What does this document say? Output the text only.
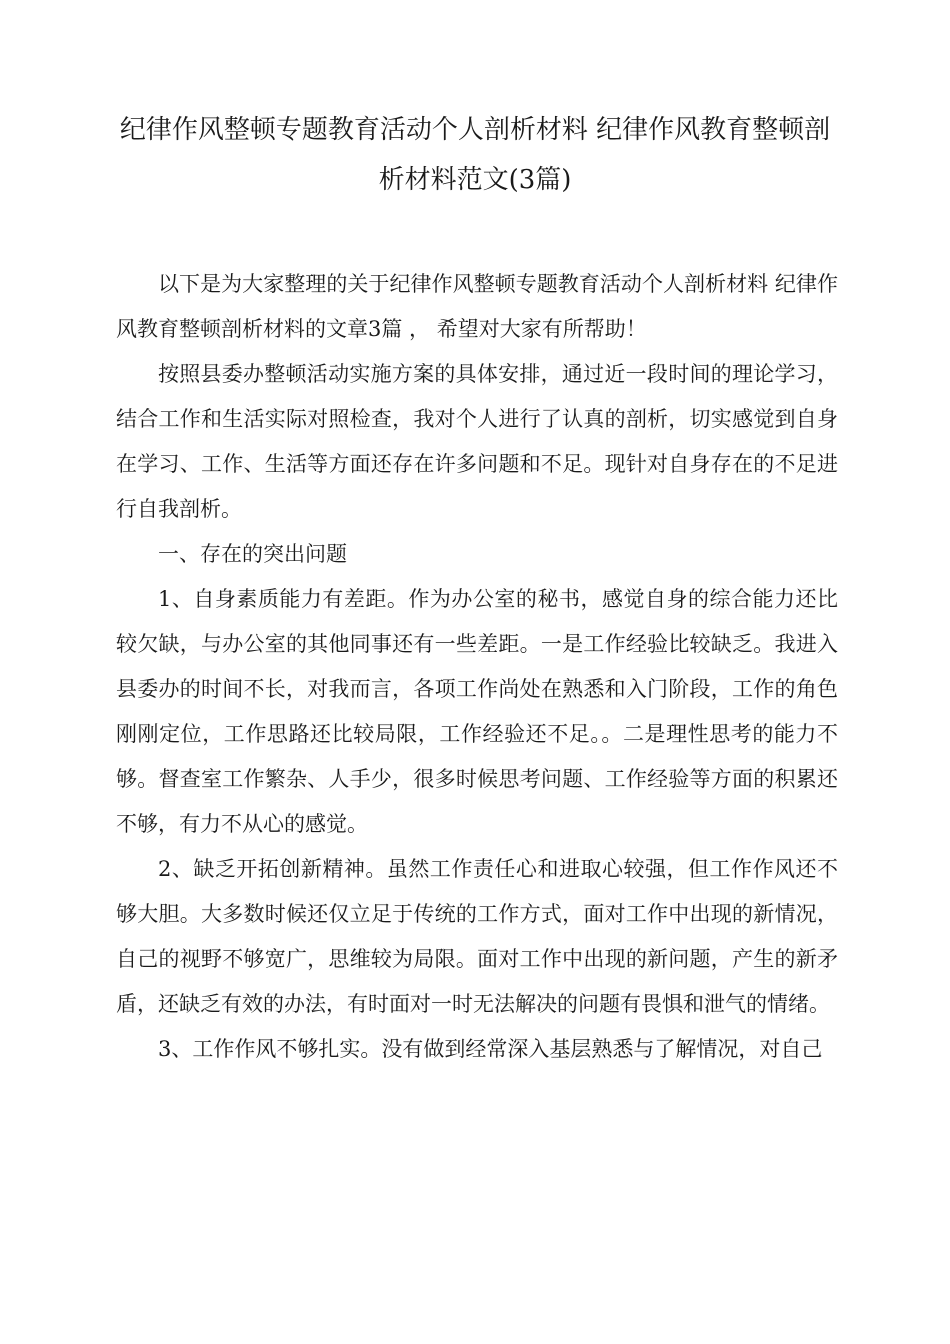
纪律作风整顿专题教育活动个人剖析材料 纪律作风教育整顿剖析材料范文(3篇)

以下是为大家整理的关于纪律作风整顿专题教育活动个人剖析材料 纪律作风教育整顿剖析材料的文章3篇 ， 希望对大家有所帮助！

按照县委办整顿活动实施方案的具体安排，通过近一段时间的理论学习，结合工作和生活实际对照检查，我对个人进行了认真的剖析，切实感觉到自身在学习、工作、生活等方面还存在许多问题和不足。现针对自身存在的不足进行自我剖析。

一、存在的突出问题

1、自身素质能力有差距。作为办公室的秘书，感觉自身的综合能力还比较欠缺，与办公室的其他同事还有一些差距。一是工作经验比较缺乏。我进入县委办的时间不长，对我而言，各项工作尚处在熟悉和入门阶段，工作的角色刚刚定位，工作思路还比较局限，工作经验还不足。。二是理性思考的能力不够。督查室工作繁杂、人手少，很多时候思考问题、工作经验等方面的积累还不够，有力不从心的感觉。

2、缺乏开拓创新精神。虽然工作责任心和进取心较强，但工作作风还不够大胆。大多数时候还仅立足于传统的工作方式，面对工作中出现的新情况，自己的视野不够宽广，思维较为局限。面对工作中出现的新问题，产生的新矛盾，还缺乏有效的办法，有时面对一时无法解决的问题有畏惧和泄气的情绪。

3、工作作风不够扎实。没有做到经常深入基层熟悉与了解情况，对自己
